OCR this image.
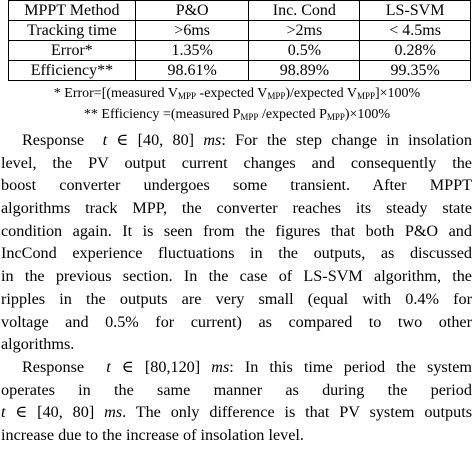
MPPT Method	P&O	Inc. Cond	LS-SVM
Tracking time	>6ms	>2ms	< 4.5ms
Error*	1.35%	0.5%	0.28%
Efficiency**	98.61%	98.89%	99.35%
* Error=[(measured $V_{MPP}$ -expected $V_{MPP}$)/expected $V_{MPP}]\times 100\%$
** Efficiency =(measured $P_{MPP}$ /expected $P_{MPP})\times 100\%$
Response t ∈ [40, 80] ms: For the step change in insolation
level, the PV output current changes and consequently the
boost converter undergoes some transient. After MPPT
algorithms track MPP, the converter reaches its steady state
condition again. It is seen from the figures that both P&O and
IncCond experience fluctuations in the outputs, as discussed
in the previous section. In the case of LS-SVM algorithm, the
ripples in the outputs are very small (equal with 0.4% for
voltage and 0.5% for current) as compared to two other
algorithms.
Response t ∈ [80,120] ms: In this time period the system
operates in the same manner as during the period
t ∈ [40, 80] ms. The only difference is that PV system outputs
increase due to the increase of insolation level.
